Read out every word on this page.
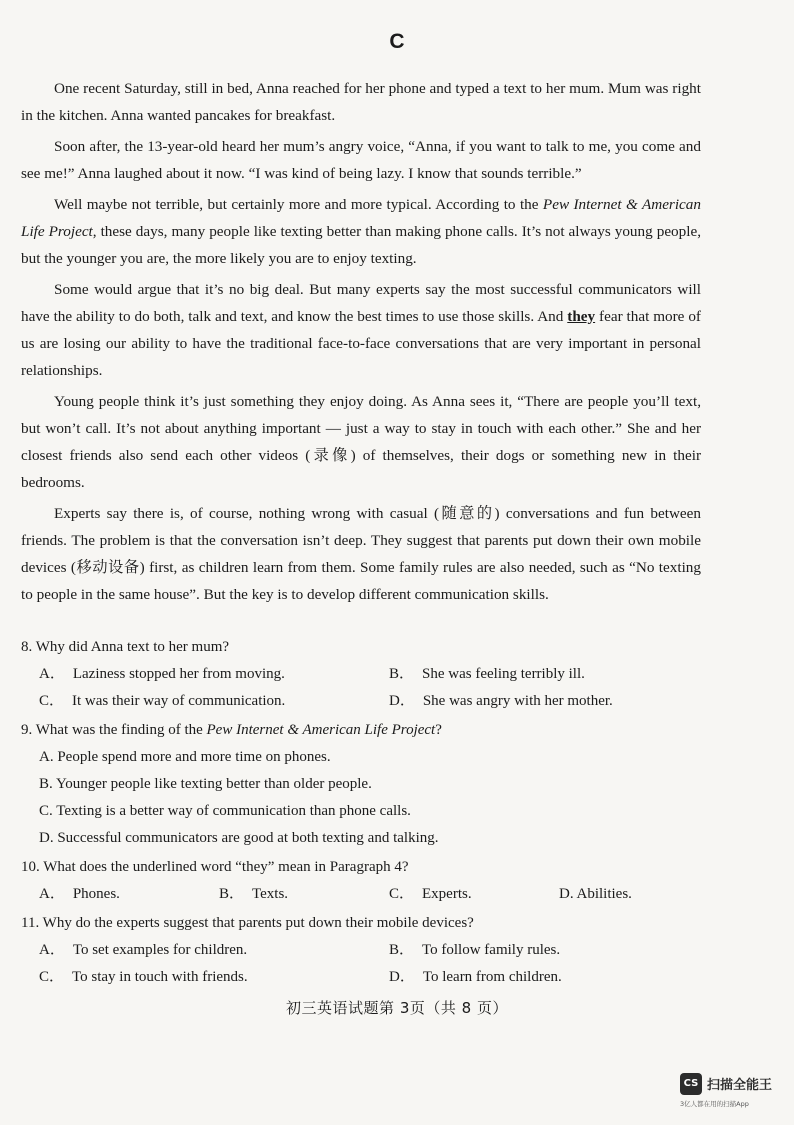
C

One recent Saturday, still in bed, Anna reached for her phone and typed a text to her mum. Mum was right in the kitchen. Anna wanted pancakes for breakfast.

Soon after, the 13-year-old heard her mum’s angry voice, “Anna, if you want to talk to me, you come and see me!” Anna laughed about it now. “I was kind of being lazy. I know that sounds terrible.”

Well maybe not terrible, but certainly more and more typical. According to the Pew Internet & American Life Project, these days, many people like texting better than making phone calls. It’s not always young people, but the younger you are, the more likely you are to enjoy texting.

Some would argue that it’s no big deal. But many experts say the most successful communicators will have the ability to do both, talk and text, and know the best times to use those skills. And they fear that more of us are losing our ability to have the traditional face-to-face conversations that are very important in personal relationships.

Young people think it’s just something they enjoy doing. As Anna sees it, “There are people you’ll text, but won’t call. It’s not about anything important — just a way to stay in touch with each other.” She and her closest friends also send each other videos (录像) of themselves, their dogs or something new in their bedrooms.

Experts say there is, of course, nothing wrong with casual (随意的) conversations and fun between friends. The problem is that the conversation isn’t deep. They suggest that parents put down their own mobile devices (移动设备) first, as children learn from them. Some family rules are also needed, such as “No texting to people in the same house”. But the key is to develop different communication skills.

8. Why did Anna text to her mum?
A． Laziness stopped her from moving.	B． She was feeling terribly ill.
C． It was their way of communication.	D． She was angry with her mother.
9. What was the finding of the Pew Internet & American Life Project?
A. People spend more and more time on phones.
B. Younger people like texting better than older people.
C. Texting is a better way of communication than phone calls.
D. Successful communicators are good at both texting and talking.
10. What does the underlined word “they” mean in Paragraph 4?
A． Phones.	B． Texts.	C． Experts.	D. Abilities.
11. Why do the experts suggest that parents put down their mobile devices?
A． To set examples for children.	B． To follow family rules.
C． To stay in touch with friends.	D． To learn from children.
初三英语试题第 3页（共 8 页）
CS 扫描全能王
3亿人都在用的扫描App
